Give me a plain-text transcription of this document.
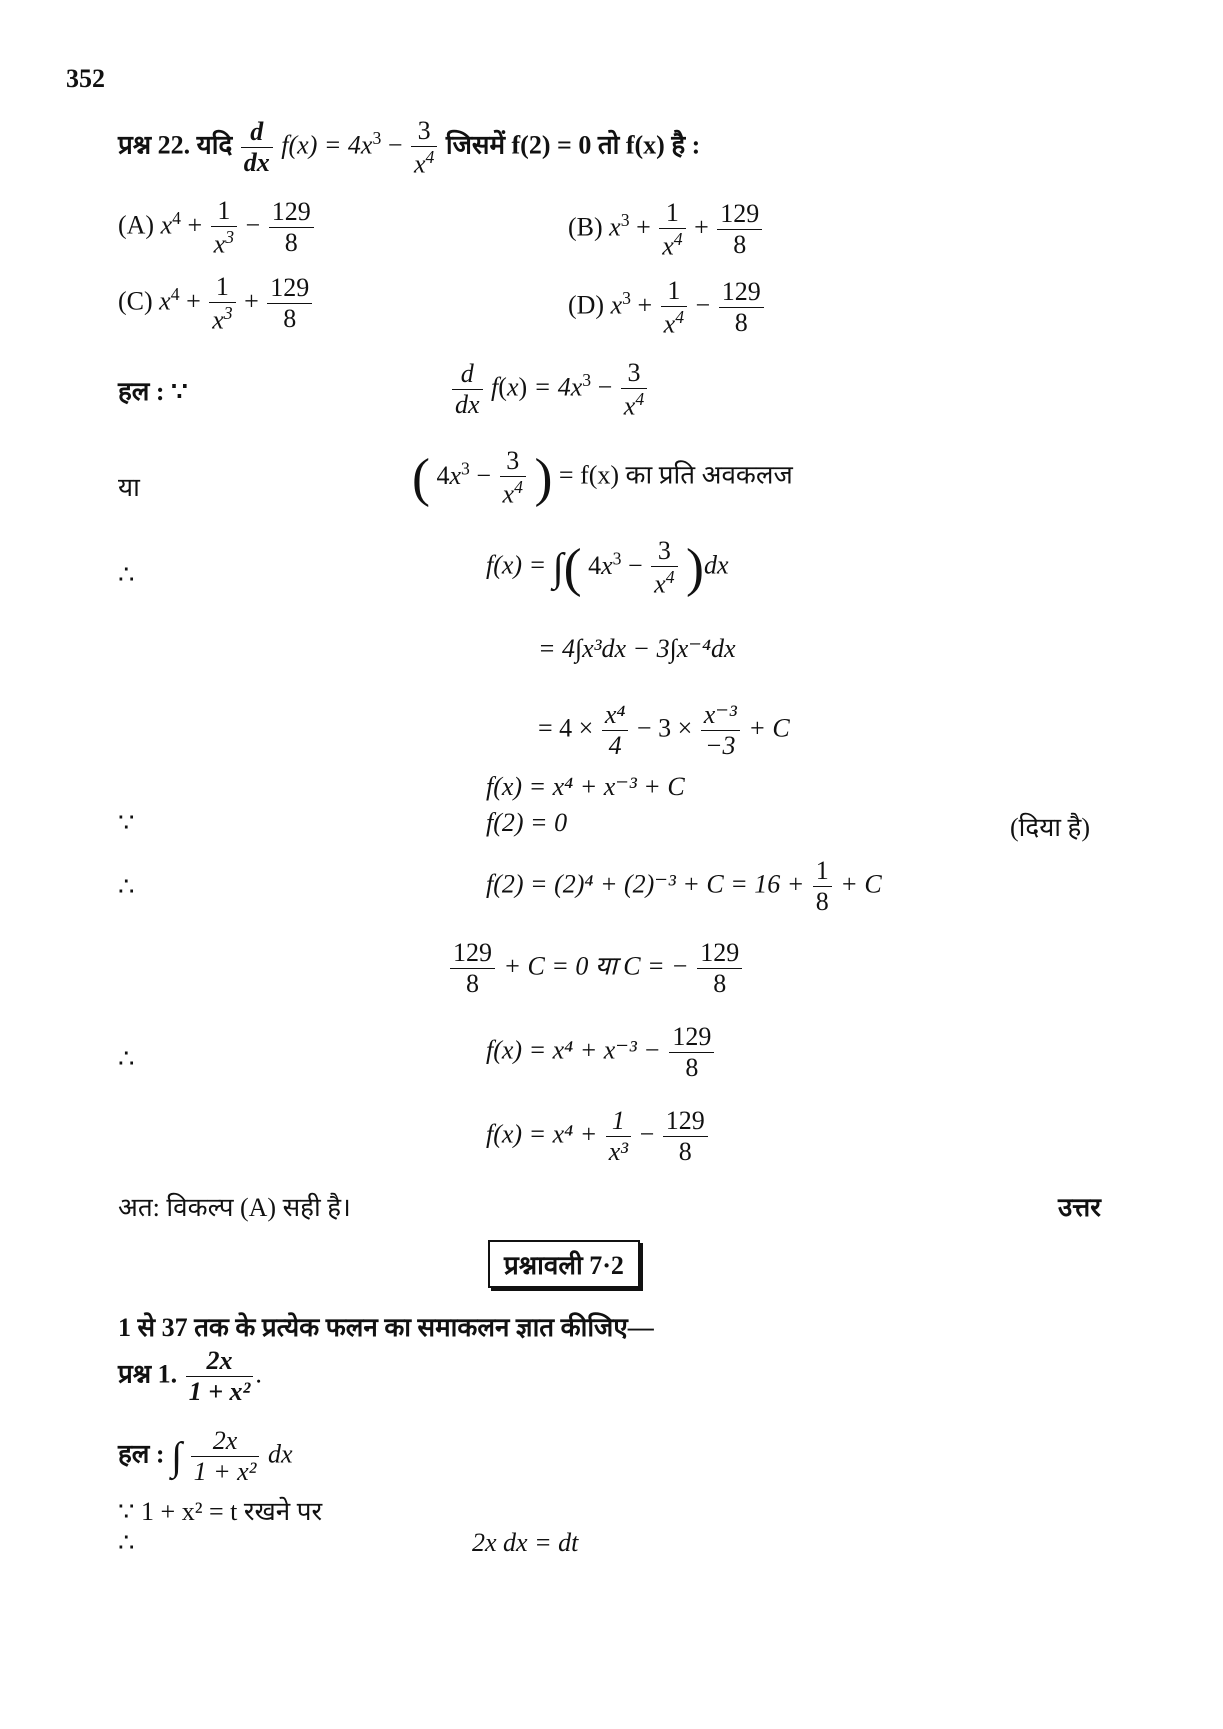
352
प्रश्न 22. यदि $\frac{d}{dx} f(x) = 4x^3 - \frac{3}{x^4}$ जिसमें f(2) = 0 तो f(x) है :
(A) $x^4 + \frac{1}{x^3} - \frac{129}{8}$	(B) $x^3 + \frac{1}{x^4} + \frac{129}{8}$
(C) $x^4 + \frac{1}{x^3} + \frac{129}{8}$	(D) $x^3 + \frac{1}{x^4} - \frac{129}{8}$
हल : ∵	$\frac{d}{dx} f(x) = 4x^3 - \frac{3}{x^4}$
या	( $4x^3 - \frac{3}{x^4}$ ) = f(x) का प्रति अवकलज
∴	f(x) = ∫( $4x^3 - \frac{3}{x^4} )dx$
= 4∫x³dx − 3∫x⁻⁴dx
= $4 \times \frac{\text{x⁴}}{4} - 3 \times \frac{\text{x⁻³}}{-3} + C$
f(x) = x⁴ + x⁻³ + C
∵	f(2) = 0	(दिया है)
∴	$f(2) = (2)^4 + (2)^{-3} + C = 16 + \frac{1}{8} + C$
$\frac{129}{8} + C = 0$ या C = − $\frac{129}{8}$
∴	$f(x) = x^4 + x^{-3} - \frac{129}{8}$
$f(x) = x^4 + \frac{1}{\text{x³}} - \frac{129}{8}$
अत: विकल्प (A) सही है।	उत्तर
प्रश्नावली 7·2
1 से 37 तक के प्रत्येक फलन का समाकलन ज्ञात कीजिए—
प्रश्न 1. $\frac{2x}{\text{1 + x²}}$ .
हल : ∫ $\frac{2x}{\text{1 + x²}}$ dx
∵ 1 + x² = t रखने पर
∴	2x dx = dt
